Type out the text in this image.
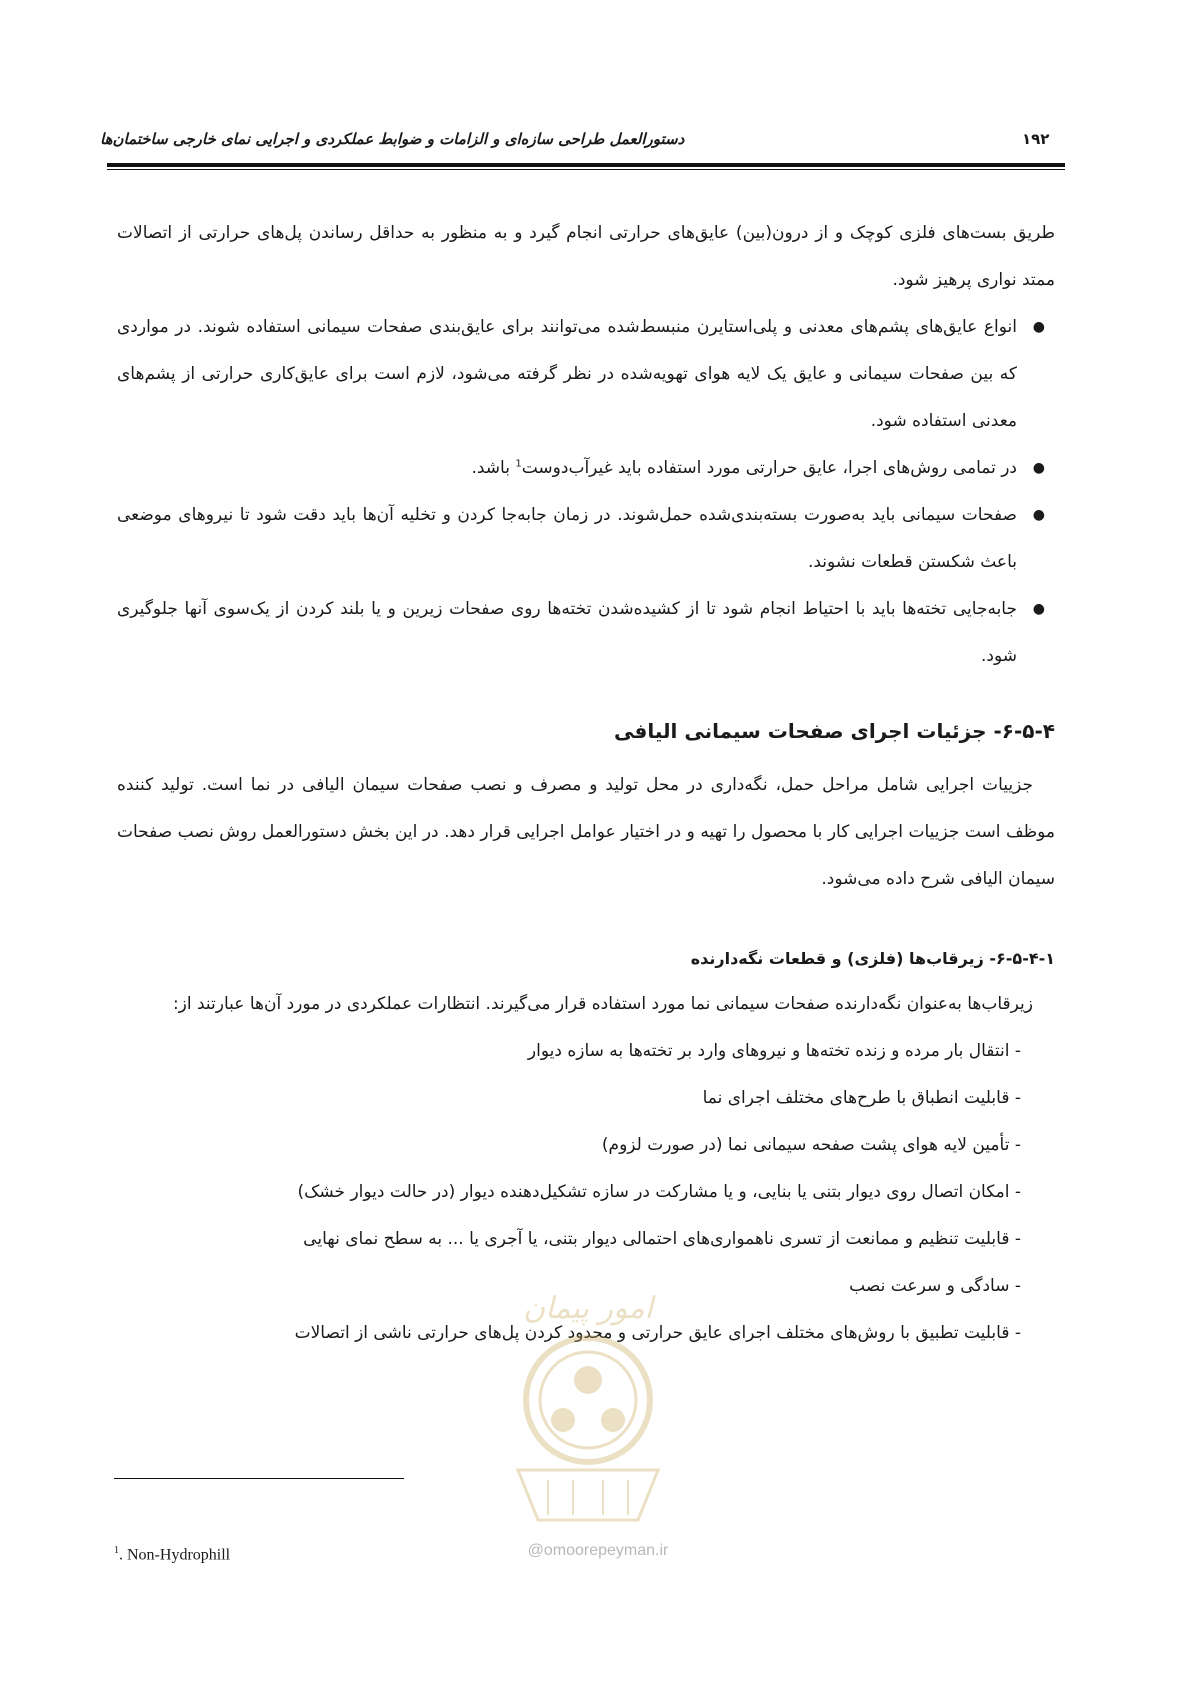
دستورالعمل طراحی سازه‌ای و الزامات و ضوابط عملکردی و اجرایی نمای خارجی ساختمان‌ها	۱۹۲

طریق بست‌های فلزی کوچک و از درون(بین) عایق‌های حرارتی انجام گیرد و به منظور به حداقل رساندن پل‌های حرارتی از اتصالات ممتد نواری پرهیز شود.

●
انواع عایق‌های پشم‌های معدنی و پلی‌استایرن منبسط‌شده می‌توانند برای عایق‌بندی صفحات سیمانی استفاده شوند. در مواردی که بین صفحات سیمانی و عایق یک لایه هوای تهویه‌شده در نظر گرفته می‌شود، لازم است برای عایق‌کاری حرارتی از پشم‌های معدنی استفاده شود.
●
در تمامی روش‌های اجرا، عایق حرارتی مورد استفاده باید غیرآب‌دوست$^1$ باشد.
●
صفحات سیمانی باید به‌صورت بسته‌بندی‌شده حمل‌شوند. در زمان جابه‌جا کردن و تخلیه آن‌ها باید دقت شود تا نیروهای موضعی باعث شکستن قطعات نشوند.
●
جابه‌جایی تخته‌ها باید با احتیاط انجام شود تا از کشیده‌شدن تخته‌ها روی صفحات زیرین و یا بلند کردن از یک‌سوی آنها جلوگیری شود.
۶-۵-۴- جزئیات اجرای صفحات سیمانی الیافی

جزییات اجرایی شامل مراحل حمل، نگه‌داری در محل تولید و مصرف و نصب صفحات سیمان الیافی در نما است. تولید کننده موظف است جزییات اجرایی کار با محصول را تهیه و در اختیار عوامل اجرایی قرار دهد. در این بخش دستورالعمل روش نصب صفحات سیمان الیافی شرح داده می‌شود.

۶-۵-۴-۱- زیرقاب‌ها (فلزی) و قطعات نگه‌دارنده

زیرقاب‌ها به‌عنوان نگه‌دارنده صفحات سیمانی نما مورد استفاده قرار می‌گیرند. انتظارات عملکردی در مورد آن‌ها عبارتند از:

- انتقال بار مرده و زنده تخته‌ها و نیروهای وارد بر تخته‌ها به سازه دیوار
- قابلیت انطباق با طرح‌های مختلف اجرای نما
- تأمین لایه هوای پشت صفحه سیمانی نما (در صورت لزوم)
- امکان اتصال روی دیوار بتنی یا بنایی، و یا مشارکت در سازه تشکیل‌دهنده دیوار (در حالت دیوار خشک)
- قابلیت تنظیم و ممانعت از تسری ناهمواری‌های احتمالی دیوار بتنی، یا آجری یا ... به سطح نمای نهایی
- سادگی و سرعت نصب
- قابلیت تطبیق با روش‌های مختلف اجرای عایق حرارتی و محدود کردن پل‌های حرارتی ناشی از اتصالات
امور پیمان
@omoorepeyman.ir
$^1$. Non-Hydrophill
